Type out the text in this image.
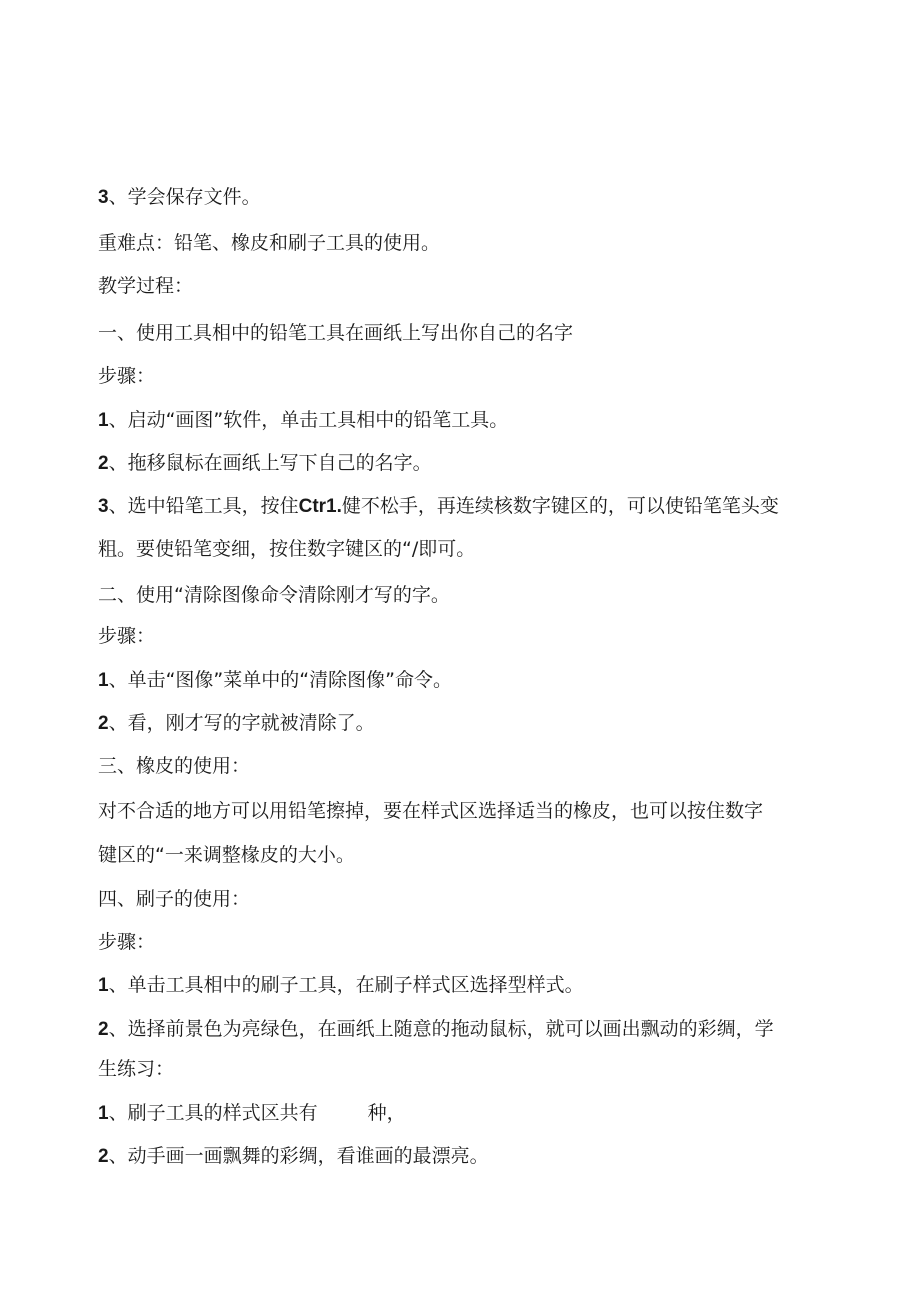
3、学会保存文件。
重难点：铅笔、橡皮和刷子工具的使用。
教学过程：
一、使用工具相中的铅笔工具在画纸上写出你自己的名字
步骤：
1、启动“画图”软件，单击工具相中的铅笔工具。
2、拖移鼠标在画纸上写下自己的名字。
3、选中铅笔工具，按住Ctr1.健不松手，再连续核数字键区的，可以使铅笔笔头变
粗。要使铅笔变细，按住数字键区的“/即可。
二、使用“清除图像命令清除刚才写的字。
步骤：
1、单击“图像”菜单中的“清除图像”命令。
2、看，刚才写的字就被清除了。
三、橡皮的使用：
对不合适的地方可以用铅笔擦掉，要在样式区选择适当的橡皮，也可以按住数字
键区的“一来调整椽皮的大小。
四、刷子的使用：
步骤：
1、单击工具相中的刷子工具，在刷子样式区选择型样式。
2、选择前景色为亮绿色，在画纸上随意的拖动鼠标，就可以画出飘动的彩绸，学
生练习：
1、刷子工具的样式区共有	种，
2、动手画一画飘舞的彩绸，看谁画的最漂亮。
